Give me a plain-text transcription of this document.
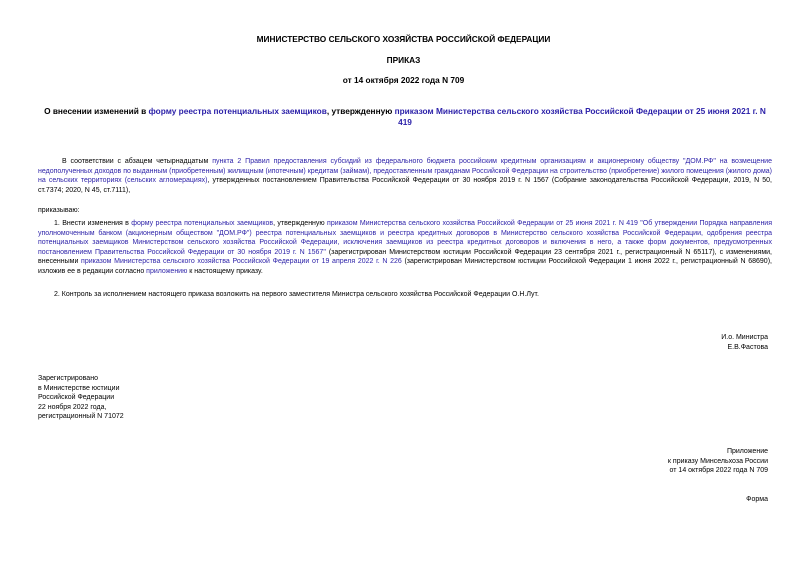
МИНИСТЕРСТВО СЕЛЬСКОГО ХОЗЯЙСТВА РОССИЙСКОЙ ФЕДЕРАЦИИ
ПРИКАЗ
от 14 октября 2022 года N 709
О внесении изменений в форму реестра потенциальных заемщиков, утвержденную приказом Министерства сельского хозяйства Российской Федерации от 25 июня 2021 г. N 419
В соответствии с абзацем четырнадцатым пункта 2 Правил предоставления субсидий из федерального бюджета российским кредитным организациям и акционерному обществу "ДОМ.РФ" на возмещение недополученных доходов по выданным (приобретенным) жилищным (ипотечным) кредитам (займам), предоставленным гражданам Российской Федерации на строительство (приобретение) жилого помещения (жилого дома) на сельских территориях (сельских агломерациях), утвержденных постановлением Правительства Российской Федерации от 30 ноября 2019 г. N 1567 (Собрание законодательства Российской Федерации, 2019, N 50, ст.7374; 2020, N 45, ст.7111),
приказываю:
1. Внести изменения в форму реестра потенциальных заемщиков, утвержденную приказом Министерства сельского хозяйства Российской Федерации от 25 июня 2021 г. N 419 "Об утверждении Порядка направления уполномоченным банком (акционерным обществом "ДОМ.РФ") реестра потенциальных заемщиков и реестра кредитных договоров в Министерство сельского хозяйства Российской Федерации, одобрения реестра потенциальных заемщиков Министерством сельского хозяйства Российской Федерации, исключения заемщиков из реестра кредитных договоров и включения в него, а также форм документов, предусмотренных постановлением Правительства Российской Федерации от 30 ноября 2019 г. N 1567" (зарегистрирован Министерством юстиции Российской Федерации 23 сентября 2021 г., регистрационный N 65117), с изменениями, внесенными приказом Министерства сельского хозяйства Российской Федерации от 19 апреля 2022 г. N 226 (зарегистрирован Министерством юстиции Российской Федерации 1 июня 2022 г., регистрационный N 68690), изложив ее в редакции согласно приложению к настоящему приказу.
2. Контроль за исполнением настоящего приказа возложить на первого заместителя Министра сельского хозяйства Российской Федерации О.Н.Лут.
И.о. Министра
Е.В.Фастова
Зарегистрировано
в Министерстве юстиции
Российской Федерации
22 ноября 2022 года,
регистрационный N 71072
Приложение
к приказу Минсельхоза России
от 14 октября 2022 года N 709
Форма
